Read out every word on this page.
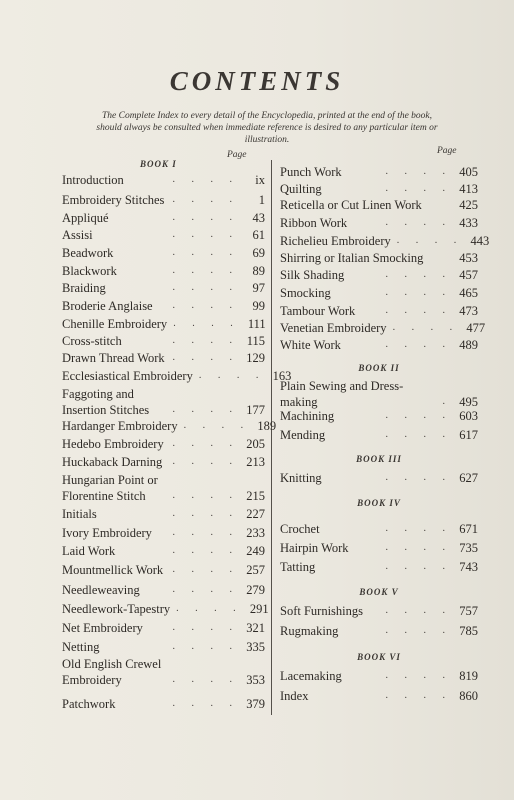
CONTENTS
The Complete Index to every detail of the Encyclopedia, printed at the end of the book, should always be consulted when immediate reference is desired to any particular item or illustration.
BOOK I
Page
Introduction	. . . .	ix
Embroidery Stitches . . . .	1
Appliqué	. . . .	43
Assisi	. . . .	61
Beadwork	. . . .	69
Blackwork	. . . .	89
Braiding	. . . .	97
Broderie Anglaise	. . . .	99
Chenille Embroidery . . . . 111
Cross-stitch	. . . . 115
Drawn Thread Work . . . . 129
Ecclesiastical Embroidery . . . . 163
Faggoting and Insertion Stitches	. . . . 177
Hardanger Embroidery . . . . 189
Hedebo Embroidery . . . . 205
Huckaback Darning	. . . . 213
Hungarian Point or Florentine Stitch	. . . . 215
Initials	. . . . 227
Ivory Embroidery	. . . . 233
Laid Work	. . . . 249
Mountmellick Work . . . . 257
Needleweaving	. . . . 279
Needlework-Tapestry . . . . 291
Net Embroidery	. . . . 321
Netting	. . . . 335
Old English Crewel Embroidery	. . . . 353
Patchwork	. . . . 379
Page
Punch Work	. . . . 405
Quilting	. . . . 413
Reticella or Cut Linen Work	425
Ribbon Work	. . . . 433
Richelieu Embroidery . . . . 443
Shirring or Italian Smocking	453
Silk Shading	. . . . 457
Smocking	. . . . 465
Tambour Work	. . . . 473
Venetian Embroidery . . . . 477
White Work	. . . . 489
BOOK II
Plain Sewing and Dress-making	. 495
Machining	. . . . 603
Mending	. . . . 617
BOOK III
Knitting	. . . . 627
BOOK IV
Crochet	. . . . 671
Hairpin Work	. . . . 735
Tatting	. . . . 743
BOOK V
Soft Furnishings	. . . . 757
Rugmaking	. . . . 785
BOOK VI
Lacemaking	. . . . 819
Index	. . . . 860
